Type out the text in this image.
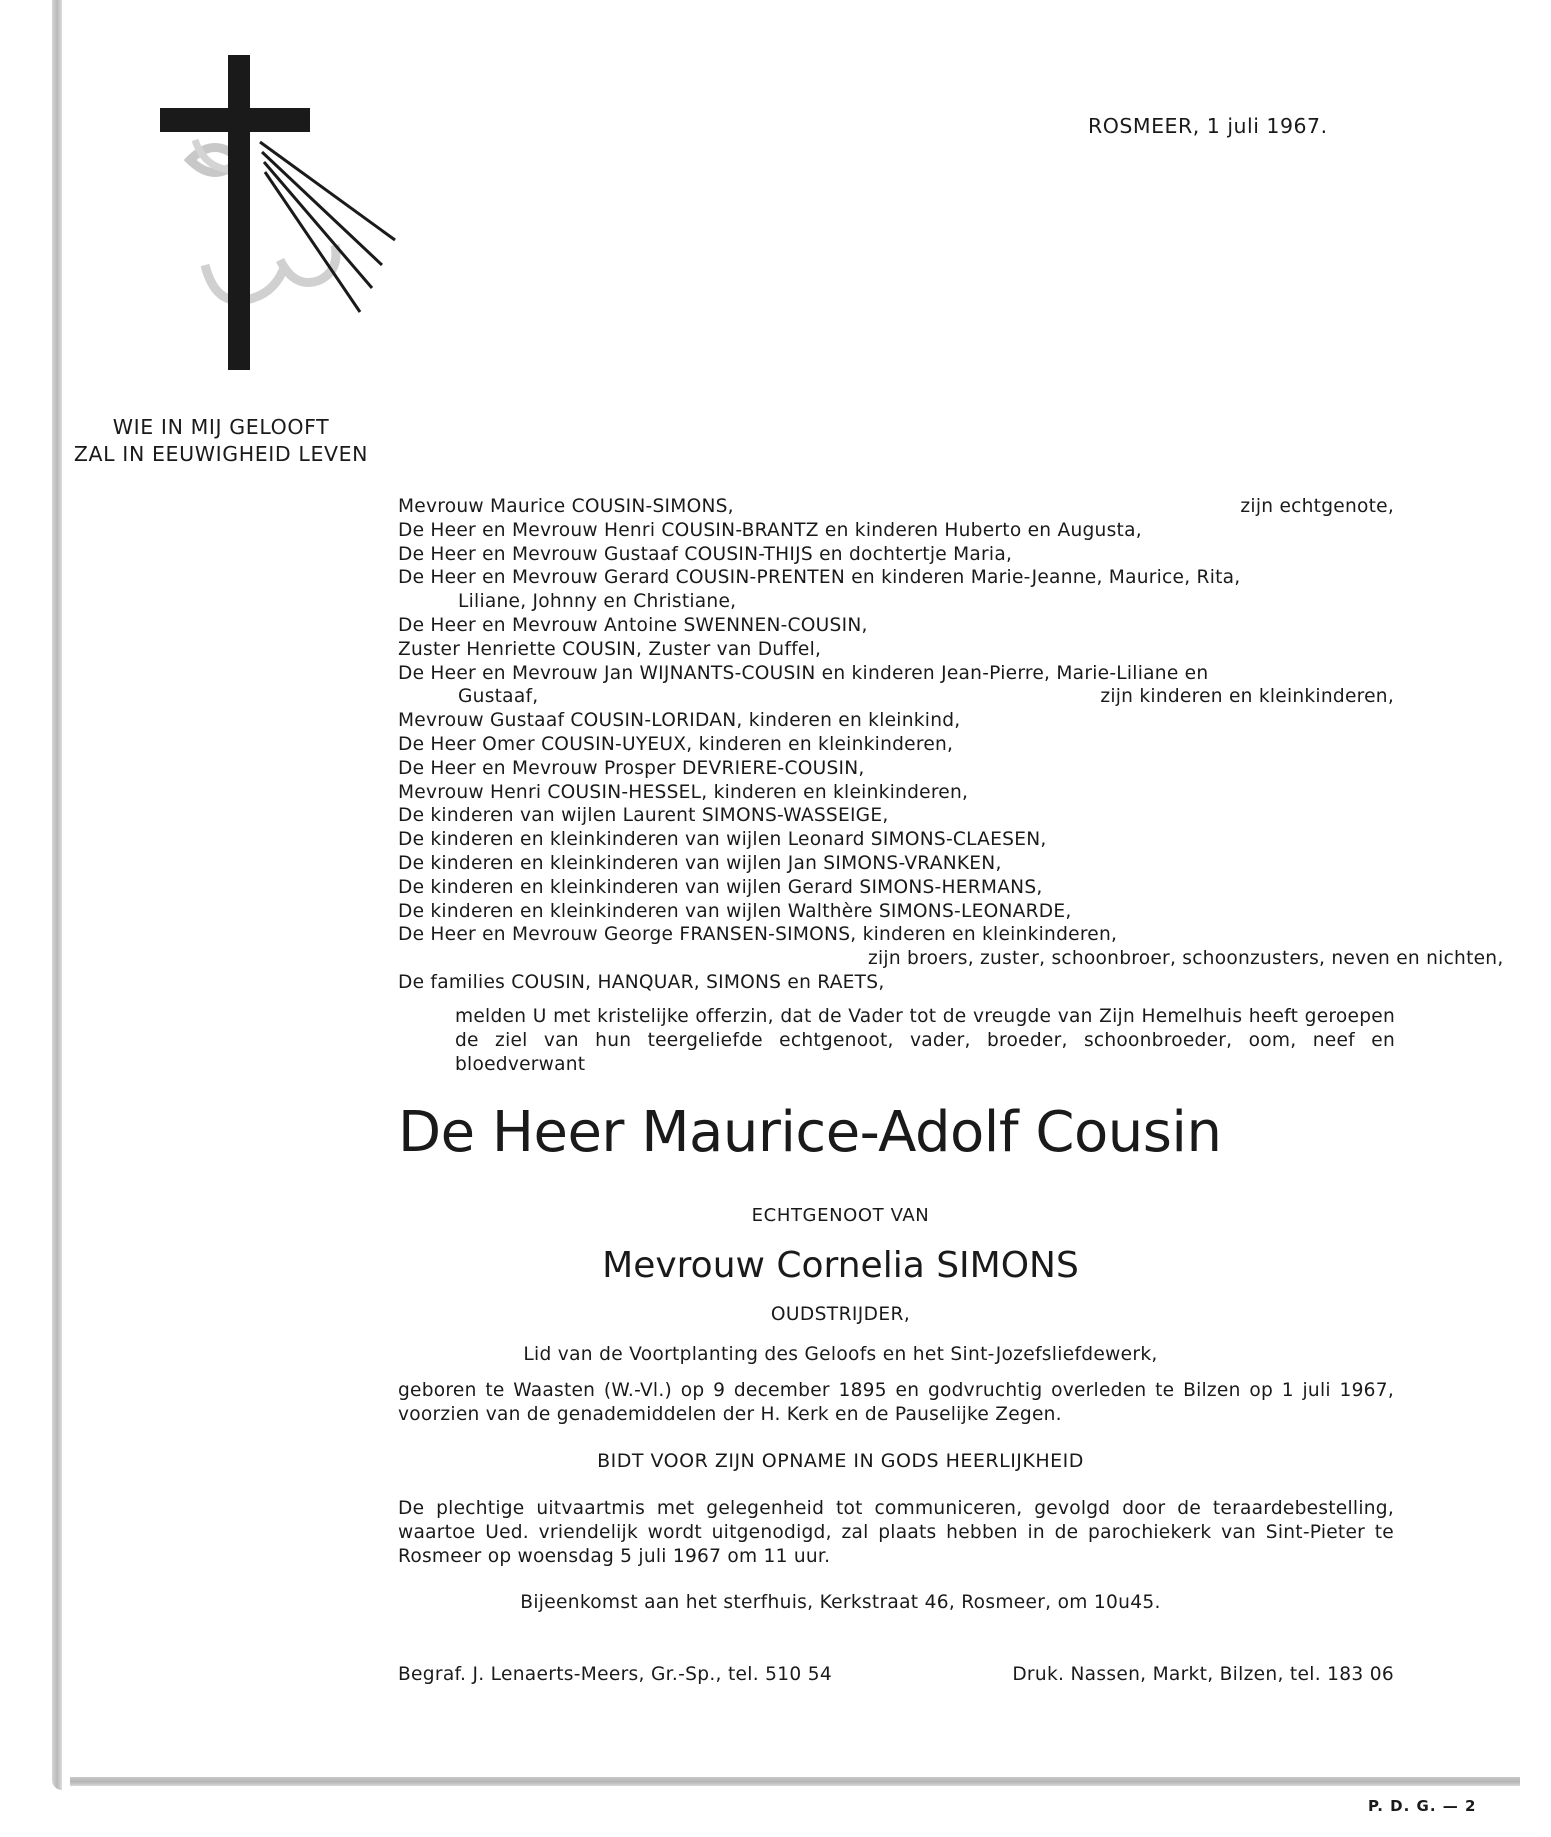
WIE IN MIJ GELOOFT
ZAL IN EEUWIGHEID LEVEN
ROSMEER, 1 juli 1967.
Mevrouw Maurice COUSIN-SIMONS,	zijn echtgenote,
De Heer en Mevrouw Henri COUSIN-BRANTZ en kinderen Huberto en Augusta,
De Heer en Mevrouw Gustaaf COUSIN-THIJS en dochtertje Maria,
De Heer en Mevrouw Gerard COUSIN-PRENTEN en kinderen Marie-Jeanne, Maurice, Rita,
Liliane, Johnny en Christiane,
De Heer en Mevrouw Antoine SWENNEN-COUSIN,
Zuster Henriette COUSIN, Zuster van Duffel,
De Heer en Mevrouw Jan WIJNANTS-COUSIN en kinderen Jean-Pierre, Marie-Liliane en
Gustaaf,	zijn kinderen en kleinkinderen,
Mevrouw Gustaaf COUSIN-LORIDAN, kinderen en kleinkind,
De Heer Omer COUSIN-UYEUX, kinderen en kleinkinderen,
De Heer en Mevrouw Prosper DEVRIERE-COUSIN,
Mevrouw Henri COUSIN-HESSEL, kinderen en kleinkinderen,
De kinderen van wijlen Laurent SIMONS-WASSEIGE,
De kinderen en kleinkinderen van wijlen Leonard SIMONS-CLAESEN,
De kinderen en kleinkinderen van wijlen Jan SIMONS-VRANKEN,
De kinderen en kleinkinderen van wijlen Gerard SIMONS-HERMANS,
De kinderen en kleinkinderen van wijlen Walthère SIMONS-LEONARDE,
De Heer en Mevrouw George FRANSEN-SIMONS, kinderen en kleinkinderen,
zijn broers, zuster, schoonbroer, schoonzusters, neven en nichten,
De families COUSIN, HANQUAR, SIMONS en RAETS,
melden U met kristelijke offerzin, dat de Vader tot de vreugde van Zijn Hemelhuis heeft geroepen de ziel van hun teergeliefde echtgenoot, vader, broeder, schoonbroeder, oom, neef en bloedverwant
De Heer Maurice-Adolf Cousin
ECHTGENOOT VAN
Mevrouw Cornelia SIMONS
OUDSTRIJDER,
Lid van de Voortplanting des Geloofs en het Sint-Jozefsliefdewerk,
geboren te Waasten (W.-Vl.) op 9 december 1895 en godvruchtig overleden te Bilzen op 1 juli 1967, voorzien van de genademiddelen der H. Kerk en de Pauselijke Zegen.
BIDT VOOR ZIJN OPNAME IN GODS HEERLIJKHEID
De plechtige uitvaartmis met gelegenheid tot communiceren, gevolgd door de teraardebestelling, waartoe Ued. vriendelijk wordt uitgenodigd, zal plaats hebben in de parochiekerk van Sint-Pieter te Rosmeer op woensdag 5 juli 1967 om 11 uur.
Bijeenkomst aan het sterfhuis, Kerkstraat 46, Rosmeer, om 10u45.
Begraf. J. Lenaerts-Meers, Gr.-Sp., tel. 510 54	Druk. Nassen, Markt, Bilzen, tel. 183 06
P. D. G. — 2
